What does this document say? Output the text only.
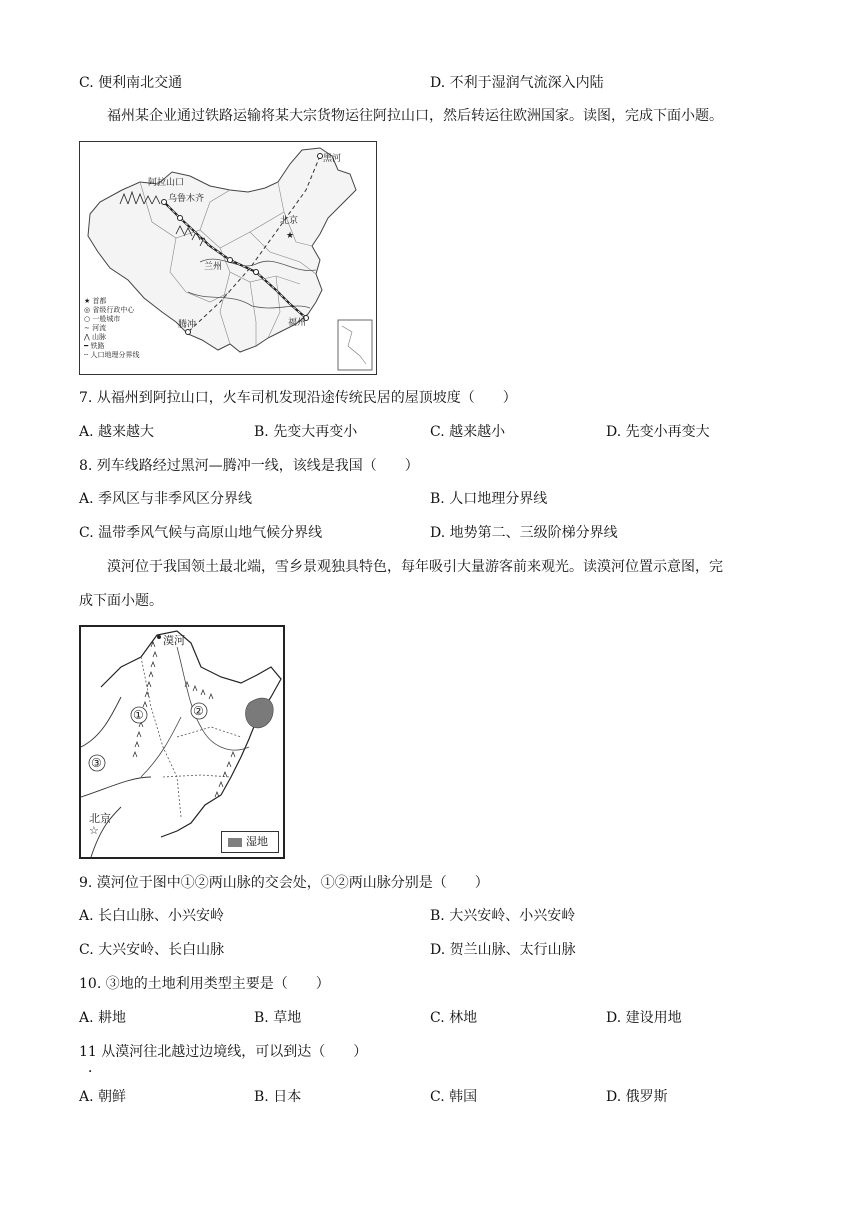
C. 便利南北交通	D. 不利于湿润气流深入内陆
福州某企业通过铁路运输将某大宗货物运往阿拉山口，然后转运往欧洲国家。读图，完成下面小题。
★
黑河
阿拉山口
乌鲁木齐
北京
兰州
腾冲	福州
★ 首都
◎ 省级行政中心
○ 一般城市
∼ 河流
⋀ 山脉
━ 铁路
┄ 人口地理分界线
7. 从福州到阿拉山口，火车司机发现沿途传统民居的屋顶坡度（　　）
A. 越来越大	B. 先变大再变小	C. 越来越小	D. 先变小再变大
8. 列车线路经过黑河—腾冲一线，该线是我国（　　）
A. 季风区与非季风区分界线	B. 人口地理分界线
C. 温带季风气候与高原山地气候分界线	D. 地势第二、三级阶梯分界线
漠河位于我国领土最北端，雪乡景观独具特色，每年吸引大量游客前来观光。读漠河位置示意图，完
成下面小题。
漠河
①	②
③
北京
☆
湿地
9. 漠河位于图中①②两山脉的交会处，①②两山脉分别是（　　）
A. 长白山脉、小兴安岭	B. 大兴安岭、小兴安岭
C. 大兴安岭、长白山脉	D. 贺兰山脉、太行山脉
10. ③地的土地利用类型主要是（　　）
A. 耕地	B. 草地	C. 林地	D. 建设用地
11 从漠河往北越过边境线，可以到达（　　）
．
A. 朝鲜	B. 日本	C. 韩国	D. 俄罗斯
